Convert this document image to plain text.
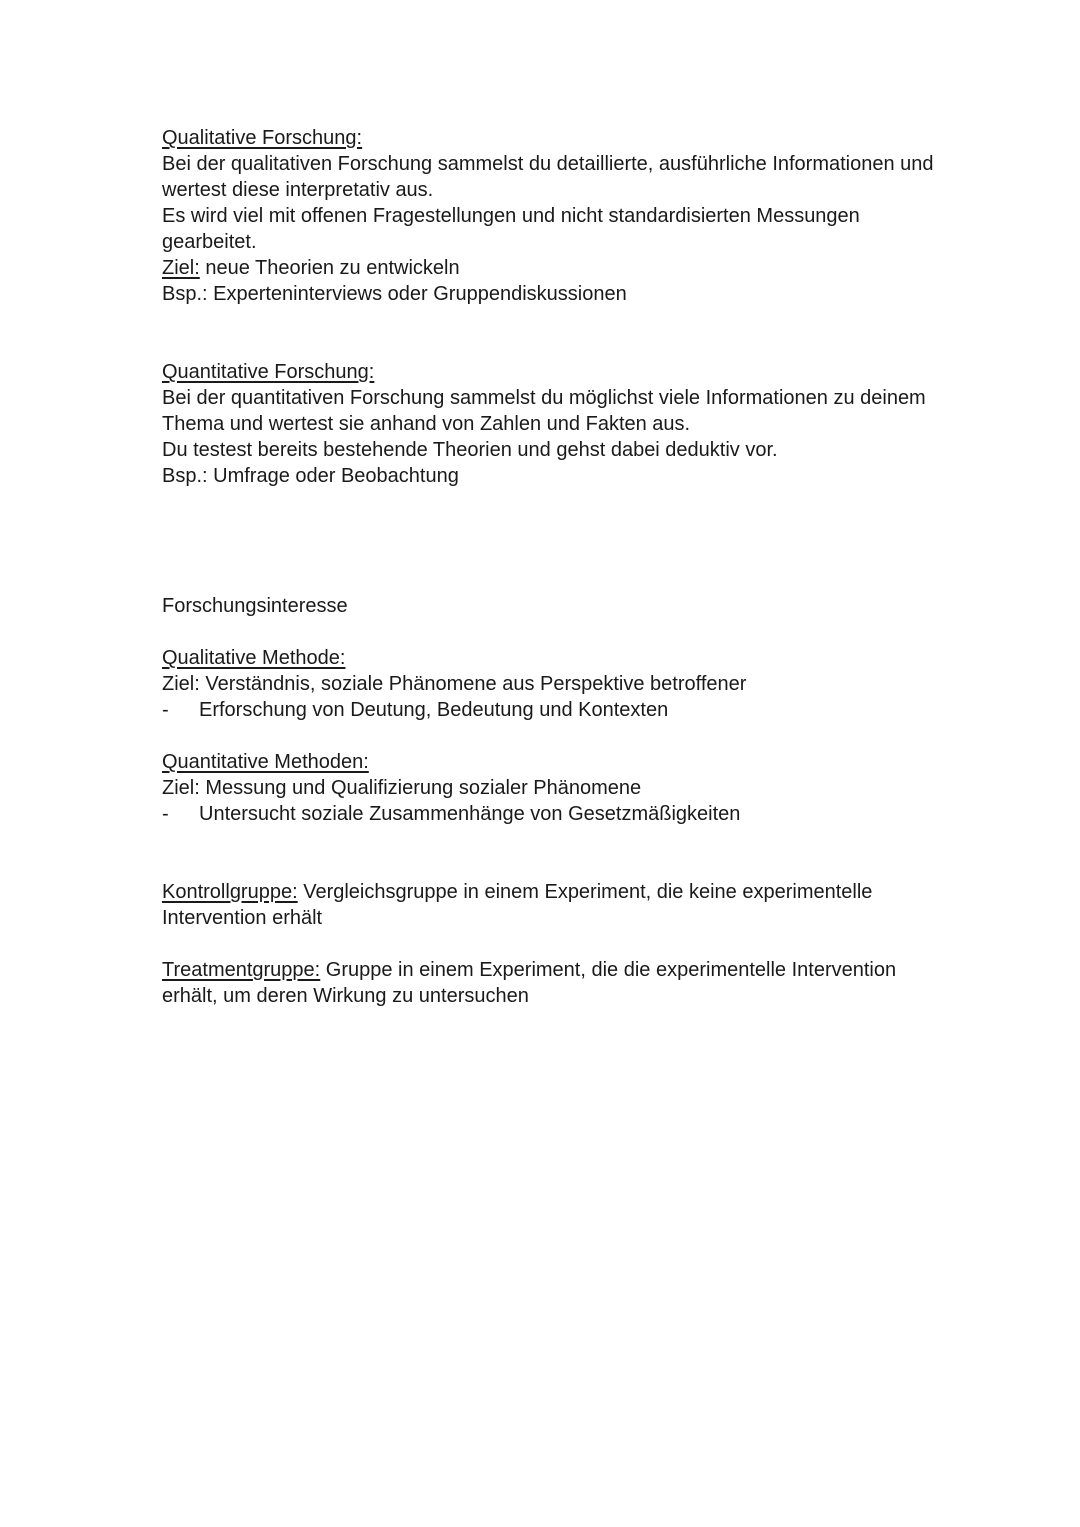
Qualitative Forschung:
Bei der qualitativen Forschung sammelst du detaillierte, ausführliche Informationen und
wertest diese interpretativ aus.
Es wird viel mit offenen Fragestellungen und nicht standardisierten Messungen
gearbeitet.
Ziel: neue Theorien zu entwickeln
Bsp.: Experteninterviews oder Gruppendiskussionen
Quantitative Forschung:
Bei der quantitativen Forschung sammelst du möglichst viele Informationen zu deinem
Thema und wertest sie anhand von Zahlen und Fakten aus.
Du testest bereits bestehende Theorien und gehst dabei deduktiv vor.
Bsp.: Umfrage oder Beobachtung
Forschungsinteresse
Qualitative Methode:
Ziel: Verständnis, soziale Phänomene aus Perspektive betroffener
- Erforschung von Deutung, Bedeutung und Kontexten
Quantitative Methoden:
Ziel: Messung und Qualifizierung sozialer Phänomene
- Untersucht soziale Zusammenhänge von Gesetzmäßigkeiten
Kontrollgruppe: Vergleichsgruppe in einem Experiment, die keine experimentelle
Intervention erhält
Treatmentgruppe: Gruppe in einem Experiment, die die experimentelle Intervention
erhält, um deren Wirkung zu untersuchen
